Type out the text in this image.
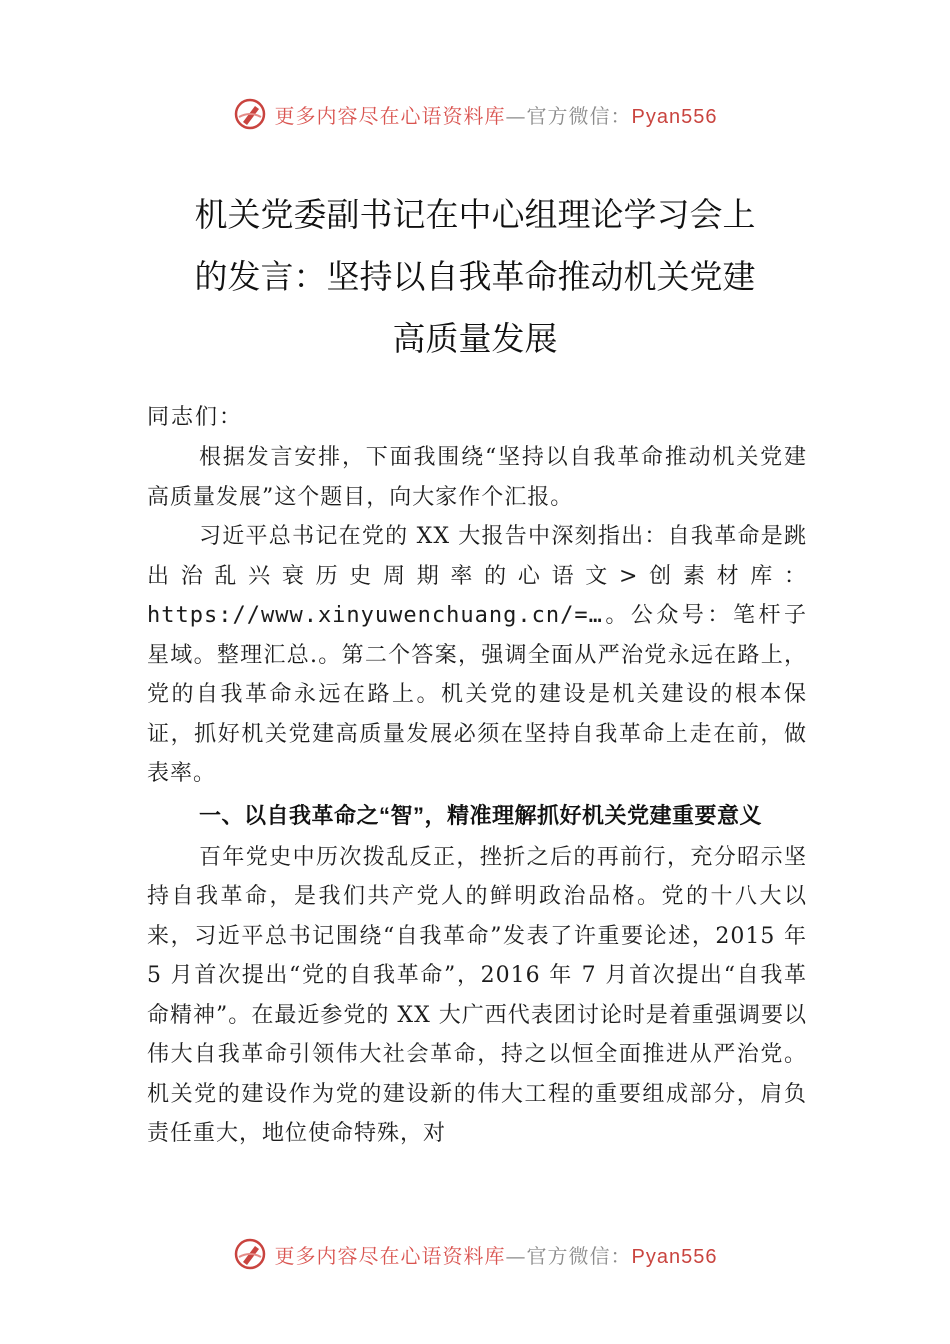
更多内容尽在心语资料库—官方微信：Pyan556
机关党委副书记在中心组理论学习会上
的发言：坚持以自我革命推动机关党建
高质量发展

同志们：

根据发言安排，下面我围绕“坚持以自我革命推动机关党建高质量发展”这个题目，向大家作个汇报。

习近平总书记在党的 XX 大报告中深刻指出：自我革命是跳出治乱兴衰历史周期率的心语文>创素材库：https://www.xinyuwenchuang.cn/=…。公众号：笔杆子星域。整理汇总.。第二个答案，强调全面从严治党永远在路上，党的自我革命永远在路上。机关党的建设是机关建设的根本保证，抓好机关党建高质量发展必须在坚持自我革命上走在前，做表率。

一、以自我革命之“智”，精准理解抓好机关党建重要意义

百年党史中历次拨乱反正，挫折之后的再前行，充分昭示坚持自我革命，是我们共产党人的鲜明政治品格。党的十八大以来，习近平总书记围绕“自我革命”发表了许重要论述，2015 年 5 月首次提出“党的自我革命”，2016 年 7 月首次提出“自我革命精神”。在最近参党的 XX 大广西代表团讨论时是着重强调要以伟大自我革命引领伟大社会革命，持之以恒全面推进从严治党。机关党的建设作为党的建设新的伟大工程的重要组成部分，肩负责任重大，地位使命特殊，对

更多内容尽在心语资料库—官方微信：Pyan556
